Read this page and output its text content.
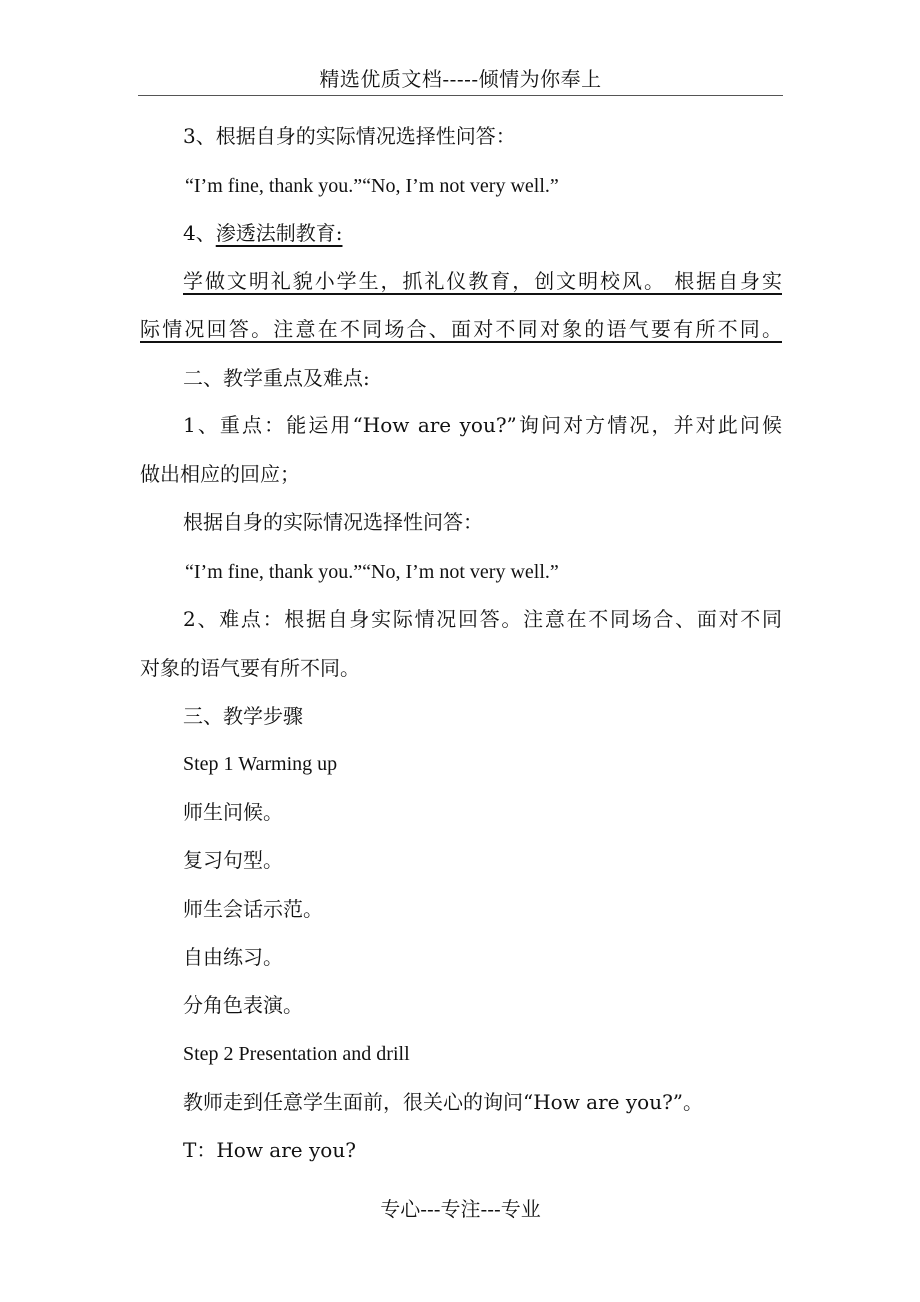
精选优质文档-----倾情为你奉上
3、根据自身的实际情况选择性问答：
“I’m fine, thank you.”“No, I’m not very well.”
4、渗透法制教育:
学做文明礼貌小学生，抓礼仪教育，创文明校风。 根据自身实
际情况回答。注意在不同场合、面对不同对象的语气要有所不同。
二、教学重点及难点:
1、重点：能运用“How are you?”询问对方情况，并对此问候
做出相应的回应；
根据自身的实际情况选择性问答：
“I’m fine, thank you.”“No, I’m not very well.”
2、难点：根据自身实际情况回答。注意在不同场合、面对不同
对象的语气要有所不同。
三、教学步骤
Step 1 Warming up
师生问候。
复习句型。
师生会话示范。
自由练习。
分角色表演。
Step 2 Presentation and drill
教师走到任意学生面前，很关心的询问“How are you?”。
T：How are you?
专心---专注---专业
